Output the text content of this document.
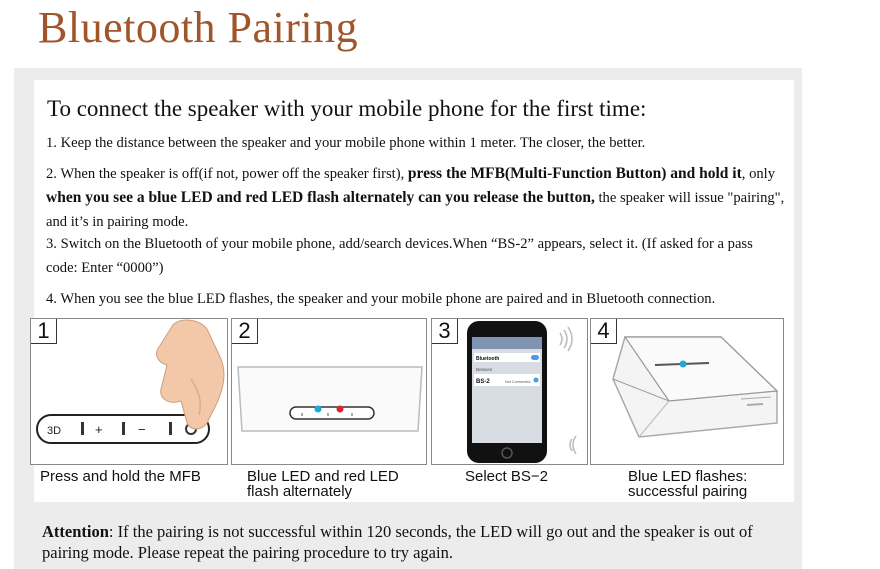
Bluetooth Pairing
To connect the speaker with your mobile phone for the first time:

1. Keep the distance between the speaker and your mobile phone within 1 meter. The closer, the better.

2. When the speaker is off(if not, power off the speaker first), press the MFB(Multi-Function Button) and hold it, only when you see a blue LED and red LED flash alternately can you release the button, the speaker will issue "pairing", and it’s in pairing mode.

3. Switch on the Bluetooth of your mobile phone, add/search devices.When “BS-2” appears, select it. (If asked for a pass code: Enter “0000”)

4. When you see the blue LED flashes, the speaker and your mobile phone are paired and in Bluetooth connection.

1
3D	+	−

Press and hold the MFB

2

Blue LED and red LED flash alternately

3
Bluetooth
Devices
BS-2	Not Connected

Select BS−2

4

Blue LED flashes: successful pairing

Attention: If the pairing is not successful within 120 seconds, the LED will go out and the speaker is out of pairing mode. Please repeat the pairing procedure to try again.
